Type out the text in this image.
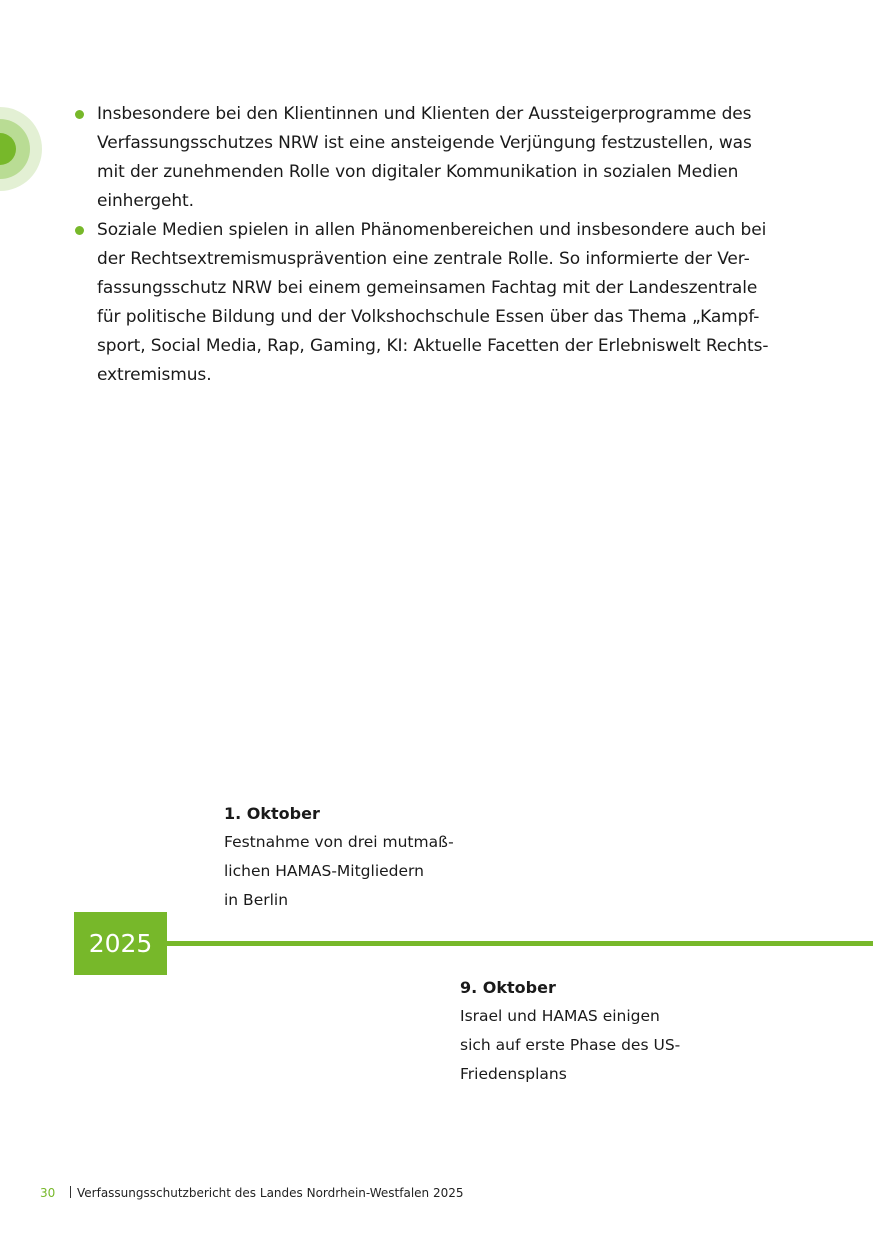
Insbesondere bei den Klientinnen und Klienten der Aussteigerprogramme des
Verfassungsschutzes NRW ist eine ansteigende Verjüngung festzustellen, was
mit der zunehmenden Rolle von digitaler Kommunikation in sozialen Medien
einhergeht.
Soziale Medien spielen in allen Phänomenbereichen und insbesondere auch bei
der Rechtsextremismusprävention eine zentrale Rolle. So informierte der Ver-
fassungsschutz NRW bei einem gemeinsamen Fachtag mit der Landeszentrale
für politische Bildung und der Volkshochschule Essen über das Thema „Kampf-
sport, Social Media, Rap, Gaming, KI: Aktuelle Facetten der Erlebniswelt Rechts-
extremismus.
1. Oktober
Festnahme von drei mutmaß-
lichen HAMAS-Mitgliedern
in Berlin
2025
9. Oktober
Israel und HAMAS einigen
sich auf erste Phase des US-
Friedensplans
30 Verfassungsschutzbericht des Landes Nordrhein-Westfalen 2025
